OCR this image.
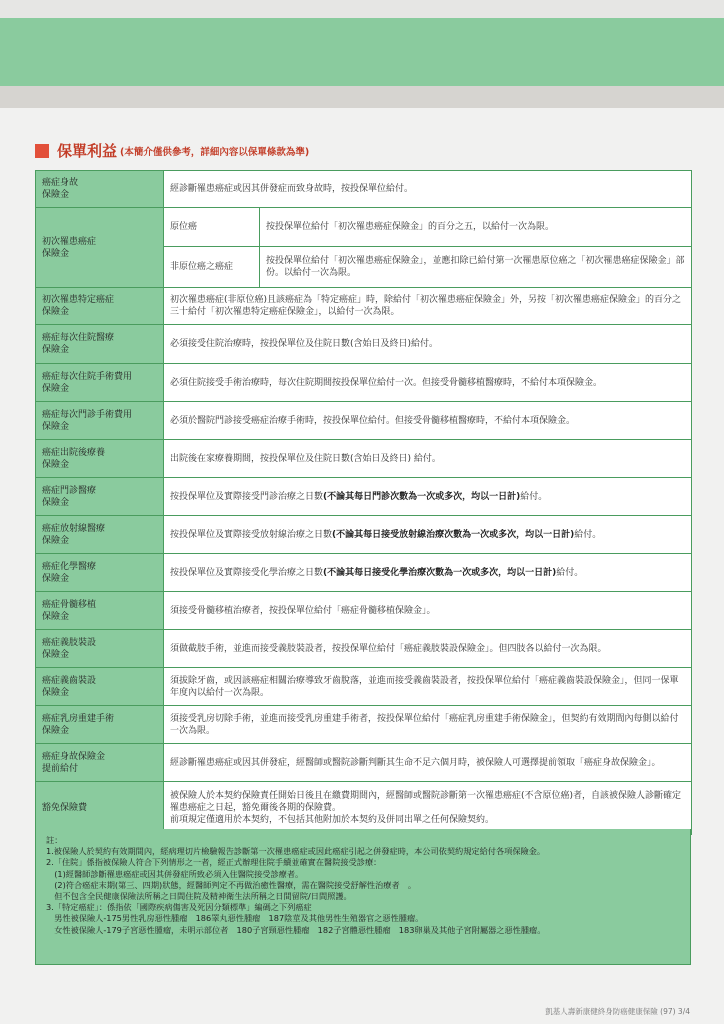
保單利益 (本簡介僅供參考，詳細內容以保單條款為準)
癌症身故
保險金	經診斷罹患癌症或因其併發症而致身故時，按投保單位給付。	
初次罹患癌症
保險金	原位癌	按投保單位給付「初次罹患癌症保險金」的百分之五，以給付一次為限。
	非原位癌之癌症	按投保單位給付「初次罹患癌症保險金」，並應扣除已給付第一次罹患原位癌之「初次罹患癌症保險金」部份。以給付一次為限。
初次罹患特定癌症
保險金	初次罹患癌症(非原位癌)且該癌症為「特定癌症」時，除給付「初次罹患癌症保險金」外，另按「初次罹患癌症保險金」的百分之三十給付「初次罹患特定癌症保險金」，以給付一次為限。	
癌症每次住院醫療
保險金	必須接受住院治療時，按投保單位及住院日數(含始日及終日)給付。	
癌症每次住院手術費用
保險金	必須住院接受手術治療時，每次住院期間按投保單位給付一次。但接受骨髓移植醫療時，不給付本項保險金。	
癌症每次門診手術費用
保險金	必須於醫院門診接受癌症治療手術時，按投保單位給付。但接受骨髓移植醫療時，不給付本項保險金。	
癌症出院後療養
保險金	出院後在家療養期間，按投保單位及住院日數(含始日及終日) 給付。	
癌症門診醫療
保險金	按投保單位及實際接受門診治療之日數(不論其每日門診次數為一次或多次，均以一日計)給付。	
癌症放射線醫療
保險金	按投保單位及實際接受放射線治療之日數(不論其每日接受放射線治療次數為一次或多次，均以一日計)給付。	
癌症化學醫療
保險金	按投保單位及實際接受化學治療之日數(不論其每日接受化學治療次數為一次或多次，均以一日計)給付。	
癌症骨髓移植
保險金	須接受骨髓移植治療者，按投保單位給付「癌症骨髓移植保險金」。	
癌症義肢裝設
保險金	須做截肢手術，並進而接受義肢裝設者，按投保單位給付「癌症義肢裝設保險金」。但四肢各以給付一次為限。	
癌症義齒裝設
保險金	須拔除牙齒，或因該癌症相關治療導致牙齒脫落，並進而接受義齒裝設者，按投保單位給付「癌症義齒裝設保險金」，但同一保單年度內以給付一次為限。	
癌症乳房重建手術
保險金	須接受乳房切除手術，並進而接受乳房重建手術者，按投保單位給付「癌症乳房重建手術保險金」，但契約有效期間內每側以給付一次為限。	
癌症身故保險金
提前給付	經診斷罹患癌症或因其併發症，經醫師或醫院診斷判斷其生命不足六個月時，被保險人可選擇提前領取「癌症身故保險金」。	
豁免保險費	被保險人於本契約保險責任開始日後且在繳費期間內，經醫師或醫院診斷第一次罹患癌症(不含原位癌)者，自該被保險人診斷確定罹患癌症之日起，豁免爾後各期的保險費。
前項規定僅適用於本契約，不包括其他附加於本契約及併同出單之任何保險契約。	
註：
1.被保險人於契約有效期間內，經病理切片檢驗報告診斷第一次罹患癌症或因此癌症引起之併發症時，本公司依契約規定給付各項保險金。
2.「住院」係指被保險人符合下列情形之一者，經正式辦理住院手續並確實在醫院接受診療：
　(1)經醫師診斷罹患癌症或因其併發症所致必須入住醫院接受診療者。
　(2)符合癌症末期(第三、四期)狀態，經醫師判定不再做治癒性醫療，需在醫院接受舒解性治療者　。
　但不包含全民健康保險法所稱之日間住院及精神衛生法所稱之日間留院/日間照護。
3.「特定癌症」：係指依「國際疾病傷害及死因分類標準」編碼之下列癌症
　男性被保險人-175男性乳房惡性腫瘤　186睪丸惡性腫瘤　187陰莖及其他男性生殖器官之惡性腫瘤。
　女性被保險人-179子宮惡性腫瘤，未明示部位者　180子宮頸惡性腫瘤　182子宮體惡性腫瘤　183卵巢及其他子宮附屬器之惡性腫瘤。
凱基人壽新康健終身防癌健康保險 (97) 3/4
